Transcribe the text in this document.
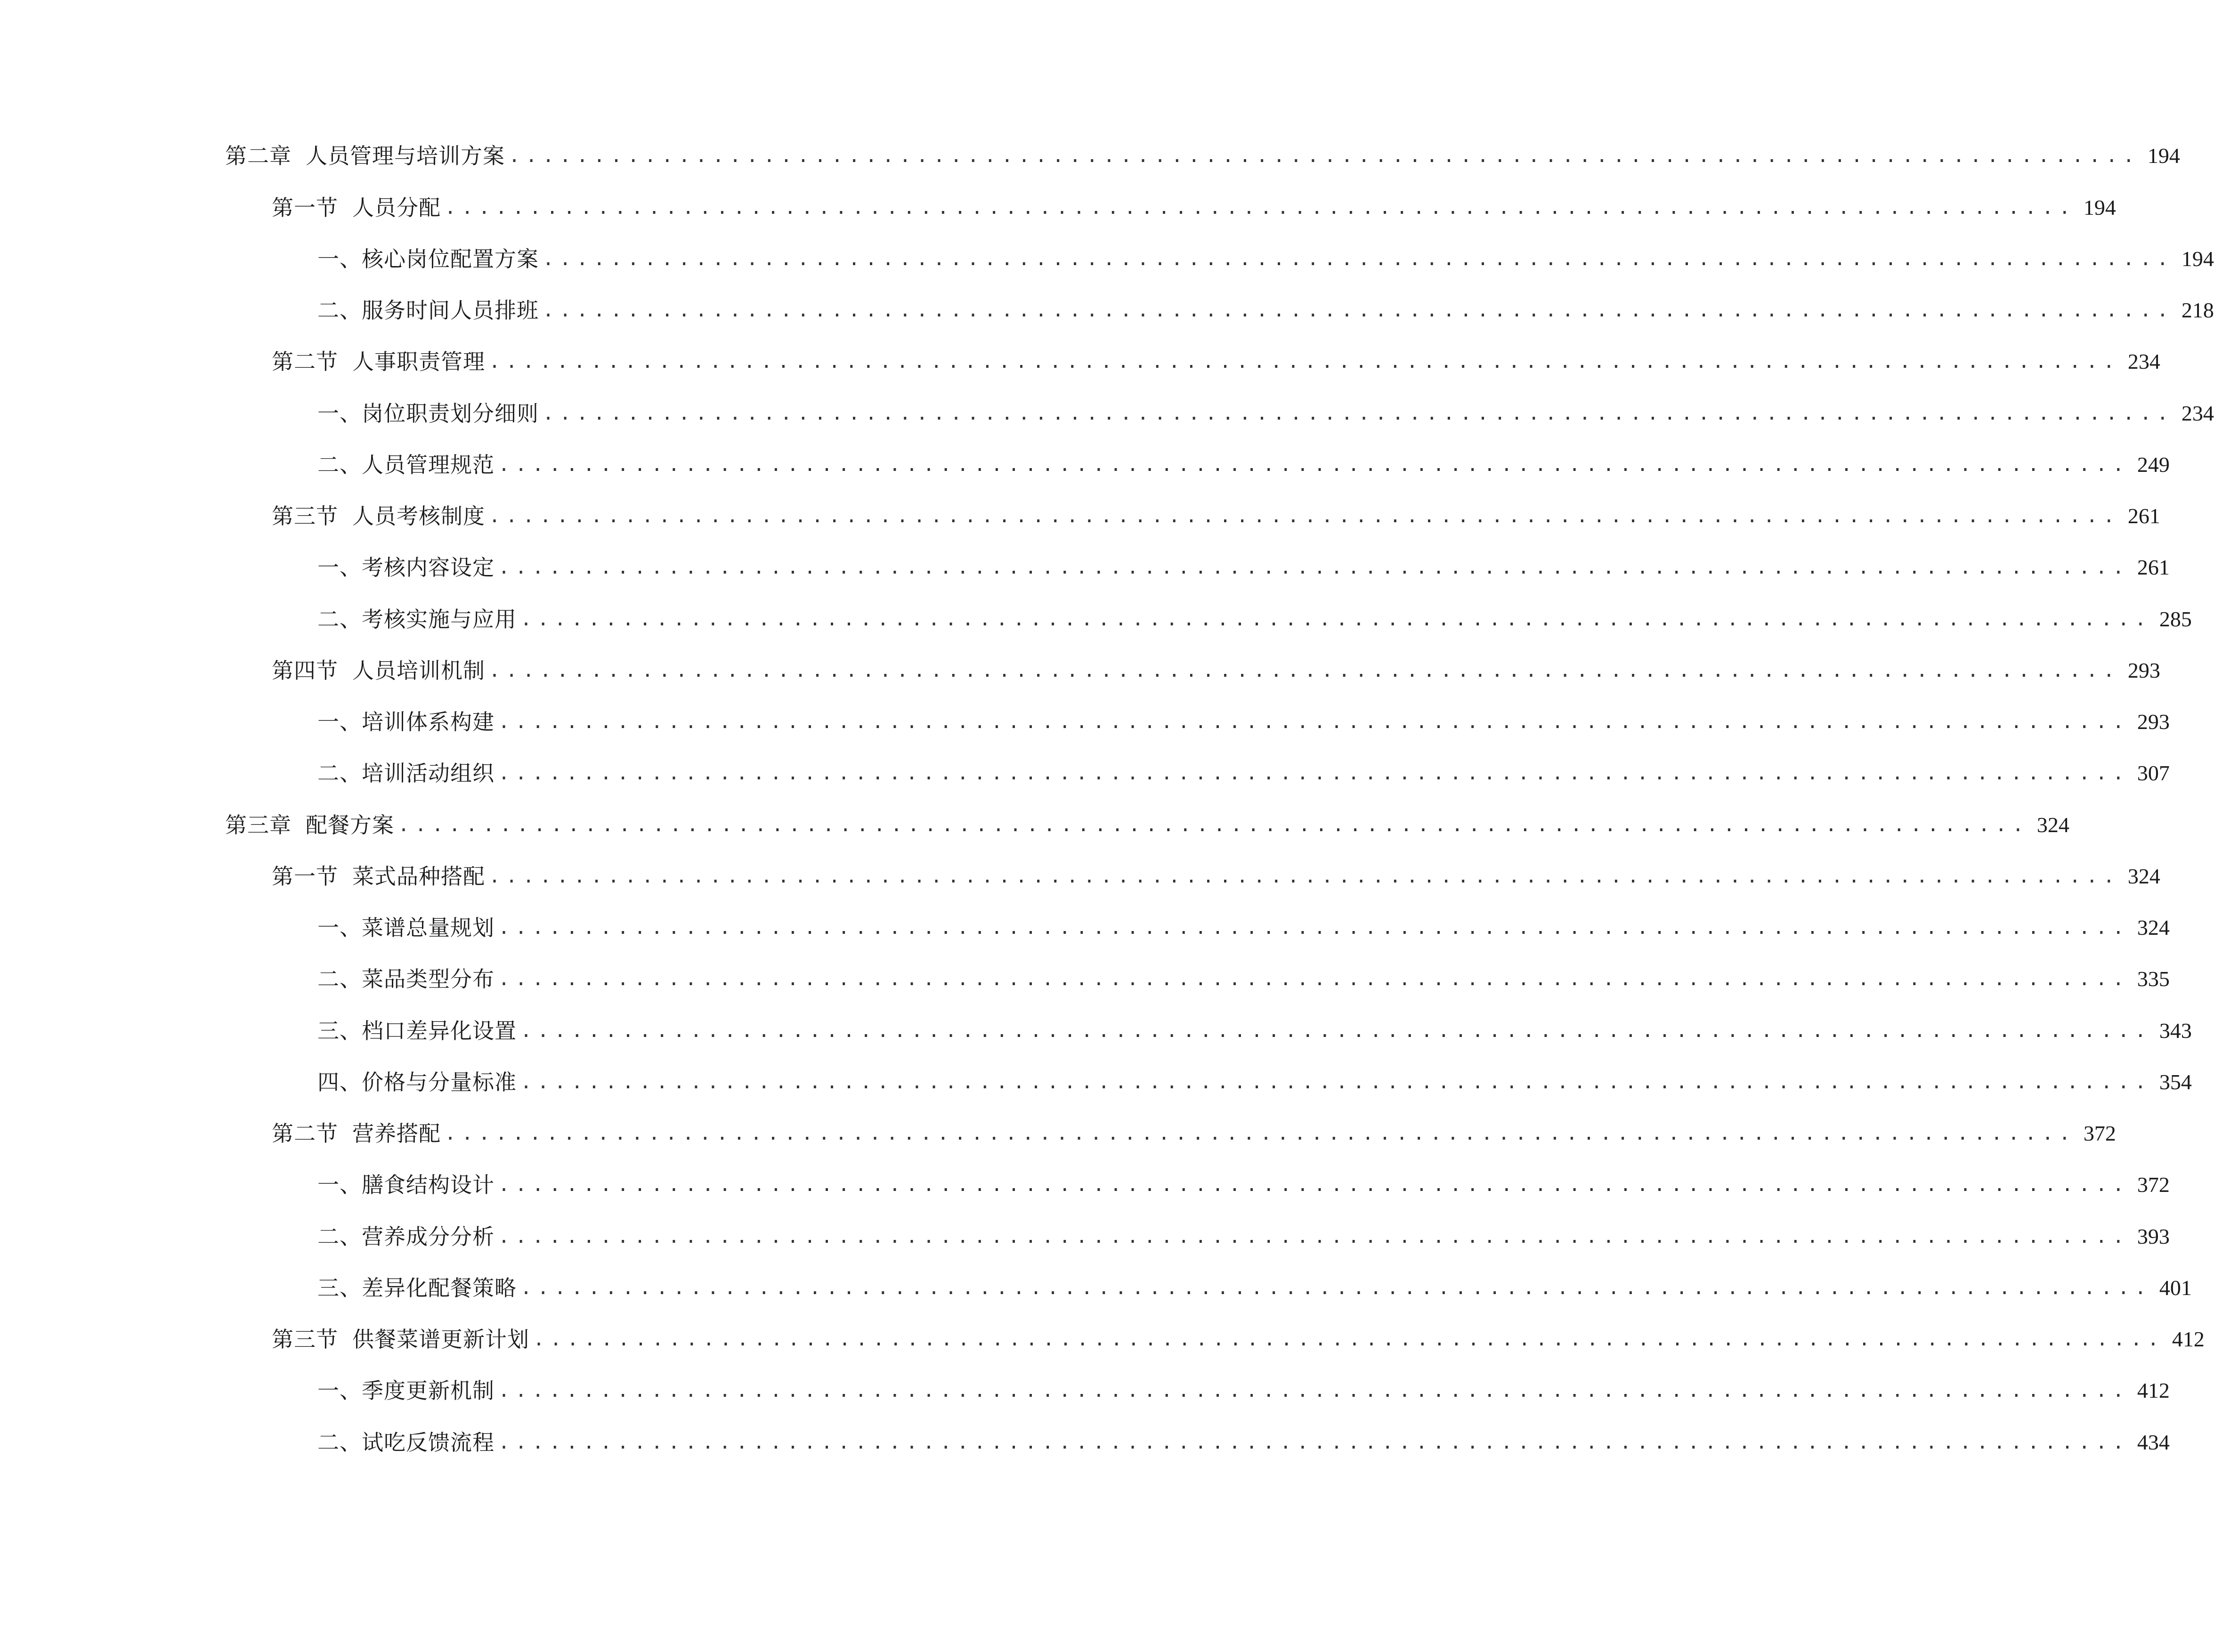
第二章 人员管理与培训方案 ................................................................................................ 194
第一节 人员分配 ................................................................................................ 194
一、 核心岗位配置方案 ................................................................................................ 194
二、 服务时间人员排班 ................................................................................................ 218
第二节 人事职责管理 ................................................................................................ 234
一、 岗位职责划分细则 ................................................................................................ 234
二、 人员管理规范 ................................................................................................ 249
第三节 人员考核制度 ................................................................................................ 261
一、 考核内容设定 ................................................................................................ 261
二、 考核实施与应用 ................................................................................................ 285
第四节 人员培训机制 ................................................................................................ 293
一、 培训体系构建 ................................................................................................ 293
二、 培训活动组织 ................................................................................................ 307
第三章 配餐方案 ................................................................................................ 324
第一节 菜式品种搭配 ................................................................................................ 324
一、 菜谱总量规划 ................................................................................................ 324
二、 菜品类型分布 ................................................................................................ 335
三、 档口差异化设置 ................................................................................................ 343
四、 价格与分量标准 ................................................................................................ 354
第二节 营养搭配 ................................................................................................ 372
一、 膳食结构设计 ................................................................................................ 372
二、 营养成分分析 ................................................................................................ 393
三、 差异化配餐策略 ................................................................................................ 401
第三节 供餐菜谱更新计划 ................................................................................................ 412
一、 季度更新机制 ................................................................................................ 412
二、 试吃反馈流程 ................................................................................................ 434
